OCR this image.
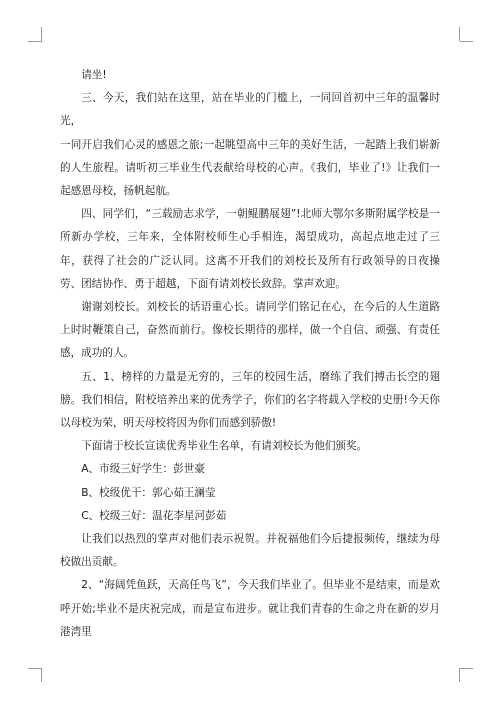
请坐!

三、今天，我们站在这里，站在毕业的门槛上，一同回首初中三年的温馨时光，

一同开启我们心灵的感恩之旅;一起眺望高中三年的美好生活，一起踏上我们崭新的人生旅程。请听初三毕业生代表献给母校的心声。《我们，毕业了!》让我们一起感恩母校，扬帆起航。

四、同学们，“三载励志求学，一朝鲲鹏展翅”!北师大鄂尔多斯附属学校是一所新办学校，三年来，全体附校师生心手相连，渴望成功，高起点地走过了三年，获得了社会的广泛认同。这离不开我们的刘校长及所有行政领导的日夜操劳、团结协作、勇于超越，下面有请刘校长致辞。掌声欢迎。

谢谢刘校长。刘校长的话语重心长。请同学们铭记在心，在今后的人生道路上时时鞭策自己，奋然而前行。像校长期待的那样，做一个自信、顽强、有责任感，成功的人。

五、1、榜样的力量是无穷的，三年的校园生活，磨练了我们搏击长空的翅膀。我们相信，附校培养出来的优秀学子，你们的名字将载入学校的史册!今天你以母校为荣，明天母校将因为你们而感到骄傲!

下面请于校长宣读优秀毕业生名单，有请刘校长为他们颁奖。

A、市级三好学生：彭世豪

B、校级优干：郭心茹王澜莹

C、校级三好：温花李星河彭茹

让我们以热烈的掌声对他们表示祝贺。并祝福他们今后捷报频传，继续为母校做出贡献。

2、“海阔凭鱼跃，天高任鸟飞”，今天我们毕业了。但毕业不是结束，而是欢呼开始;毕业不是庆祝完成，而是宣布进步。就让我们青春的生命之舟在新的岁月港湾里
